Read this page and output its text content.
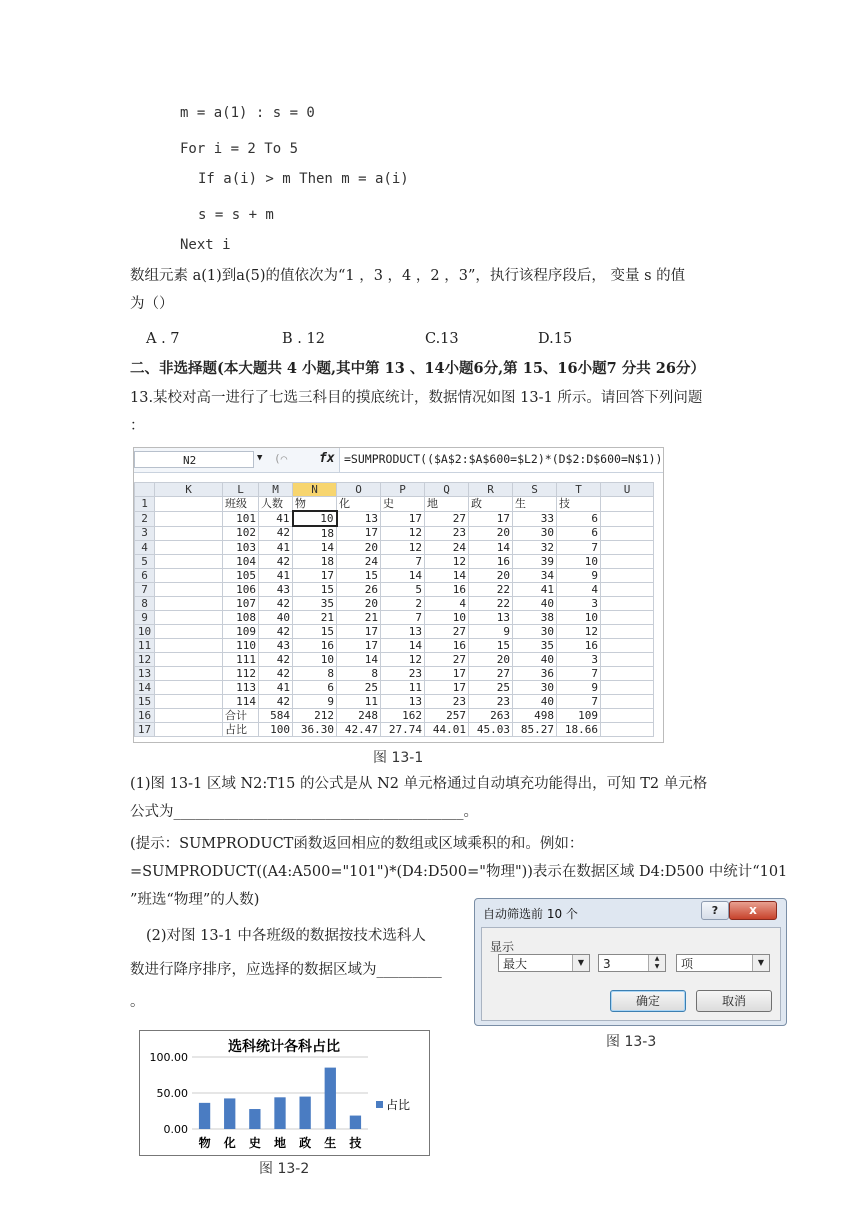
m = a(1) : s = 0
For i = 2 To 5
If a(i) > m Then m = a(i)
s = s + m
Next i
数组元素 a(1)到a(5)的值依次为“1 ，3 ，4 ，2 ，3”，执行该程序段后， 变量 s 的值
为（）
A . 7	B . 12	C.13	D.15
二、非选择题(本大题共 4 小题,其中第 13 、14小题6分,第 15、16小题7 分共 26分）
13.某校对高一进行了七选三科目的摸底统计，数据情况如图 13-1 所示。请回答下列问题
：
N2	▼ (⌒ fx =SUMPRODUCT(($A$2:$A$600=$L2)*(D$2:D$600=N$1))
	K	L	M	N	O	P	Q	R	S	T	U
1		班级	人数	物	化	史	地	政	生	技	
2		101	41	10	13	17	27	17	33	6	
3		102	42	18	17	12	23	20	30	6	
4		103	41	14	20	12	24	14	32	7	
5		104	42	18	24	7	12	16	39	10	
6		105	41	17	15	14	14	20	34	9	
7		106	43	15	26	5	16	22	41	4	
8		107	42	35	20	2	4	22	40	3	
9		108	40	21	21	7	10	13	38	10	
10		109	42	15	17	13	27	9	30	12	
11		110	43	16	17	14	16	15	35	16	
12		111	42	10	14	12	27	20	40	3	
13		112	42	8	8	23	17	27	36	7	
14		113	41	6	25	11	17	25	30	9	
15		114	42	9	11	13	23	23	40	7	
16		合计	584	212	248	162	257	263	498	109	
17		占比	100	36.30	42.47	27.74	44.01	45.03	85.27	18.66	
图 13-1
(1)图 13-1 区域 N2:T15 的公式是从 N2 单元格通过自动填充功能得出，可知 T2 单元格
公式为________________________________________。
(提示：SUMPRODUCT函数返回相应的数组或区域乘积的和。例如：
=SUMPRODUCT((A4:A500="101")*(D4:D500="物理"))表示在数据区域 D4:D500 中统计“101
”班选“物理”的人数)
(2)对图 13-1 中各班级的数据按技术选科人
数进行降序排序，应选择的数据区域为_________
。
自动筛选前 10 个	?	x
显示
最大	▼	3	▲
▼	项	▼
确定	取消
图 13-3
选科统计各科占比
0.00
50.00
100.00
物 化 史 地 政 生 技
占比
图 13-2
